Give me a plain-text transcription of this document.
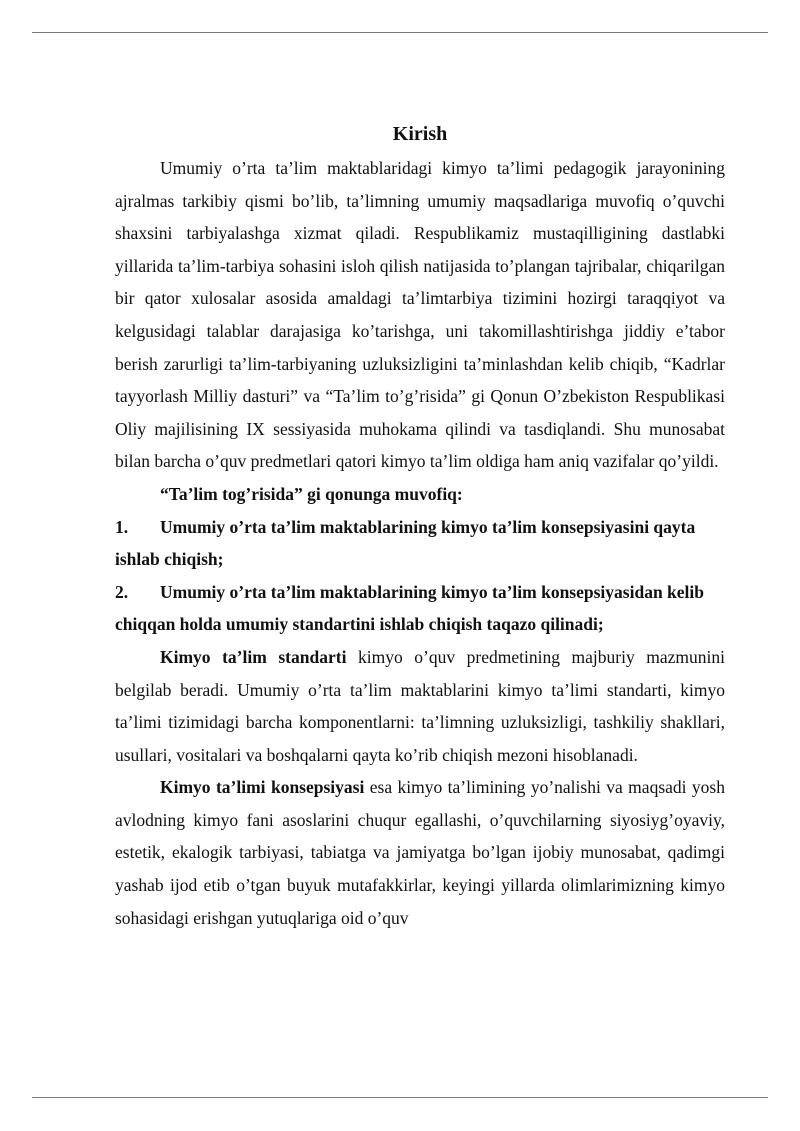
Kirish

Umumiy o’rta ta’lim maktablaridagi kimyo ta’limi pedagogik jarayonining ajralmas tarkibiy qismi bo’lib, ta’limning umumiy maqsadlariga muvofiq o’quvchi shaxsini tarbiyalashga xizmat qiladi. Respublikamiz mustaqilligining dastlabki yillarida ta’lim-tarbiya sohasini isloh qilish natijasida to’plangan tajribalar, chiqarilgan bir qator xulosalar asosida amaldagi ta’limtarbiya tizimini hozirgi taraqqiyot va kelgusidagi talablar darajasiga ko’tarishga, uni takomillashtirishga jiddiy e’tabor berish zarurligi ta’lim-tarbiyaning uzluksizligini ta’minlashdan kelib chiqib, “Kadrlar tayyorlash Milliy dasturi” va “Ta’lim to’g’risida” gi Qonun O’zbekiston Respublikasi Oliy majilisining IX sessiyasida muhokama qilindi va tasdiqlandi. Shu munosabat bilan barcha o’quv predmetlari qatori kimyo ta’lim oldiga ham aniq vazifalar qo’yildi.

“Ta’lim tog’risida” gi qonunga muvofiq:

1. Umumiy o’rta ta’lim maktablarining kimyo ta’lim konsepsiyasini qayta ishlab chiqish;

2. Umumiy o’rta ta’lim maktablarining kimyo ta’lim konsepsiyasidan kelib chiqqan holda umumiy standartini ishlab chiqish taqazo qilinadi;

Kimyo ta’lim standarti kimyo o’quv predmetining majburiy mazmunini belgilab beradi. Umumiy o’rta ta’lim maktablarini kimyo ta’limi standarti, kimyo ta’limi tizimidagi barcha komponentlarni: ta’limning uzluksizligi, tashkiliy shakllari, usullari, vositalari va boshqalarni qayta ko’rib chiqish mezoni hisoblanadi.

Kimyo ta’limi konsepsiyasi esa kimyo ta’limining yo’nalishi va maqsadi yosh avlodning kimyo fani asoslarini chuqur egallashi, o’quvchilarning siyosiyg’oyaviy, estetik, ekalogik tarbiyasi, tabiatga va jamiyatga bo’lgan ijobiy munosabat, qadimgi yashab ijod etib o’tgan buyuk mutafakkirlar, keyingi yillarda olimlarimizning kimyo sohasidagi erishgan yutuqlariga oid o’quv
